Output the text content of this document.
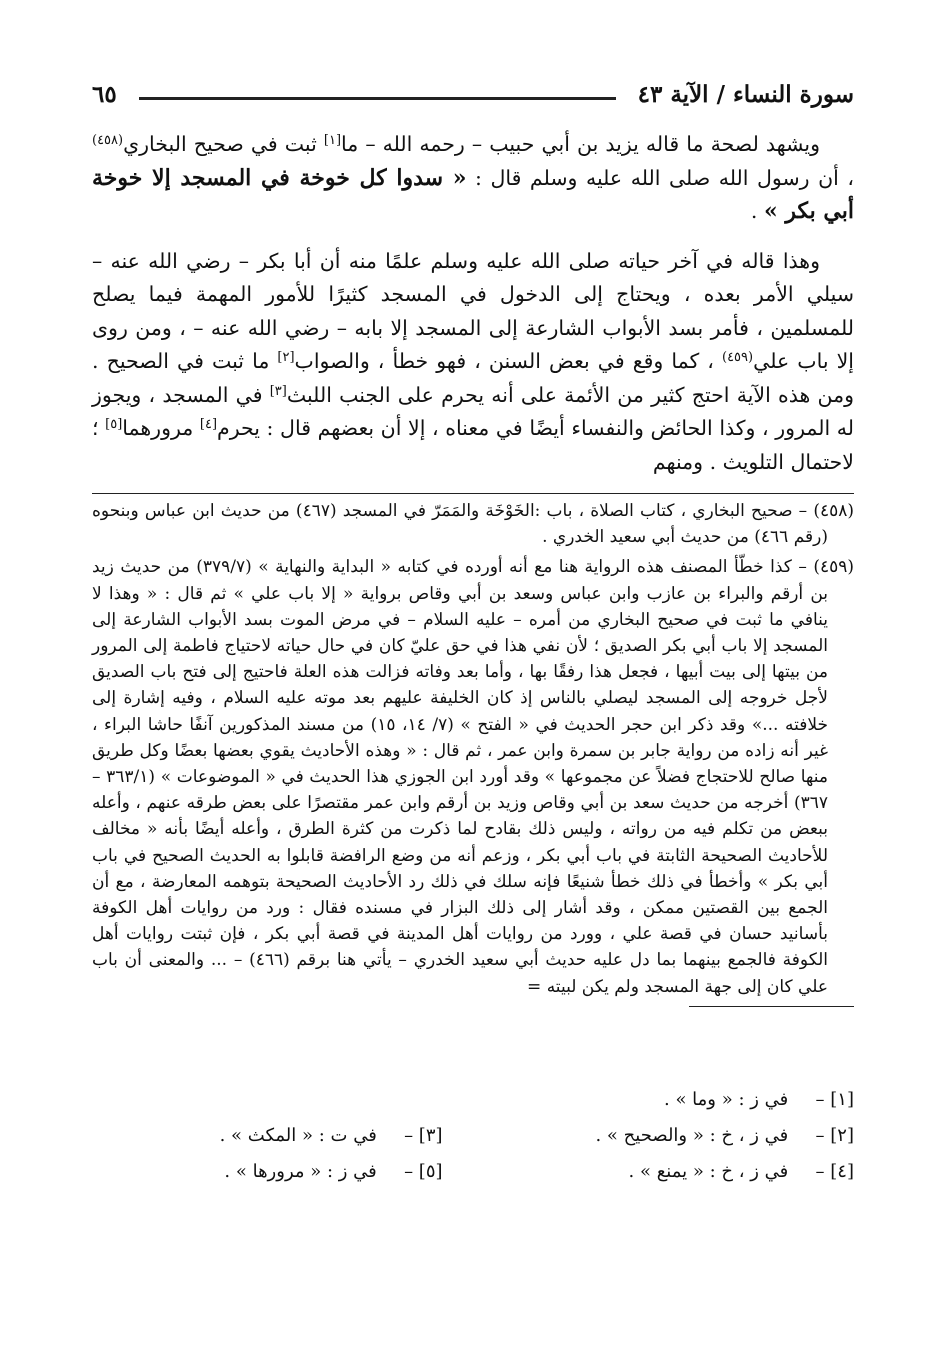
سورة النساء / الآية ٤٣
٦٥

ويشهد لصحة ما قاله يزيد بن أبي حبيب – رحمه الله – ما[١] ثبت في صحيح البخاري$^{(٤٥٨)}$ ، أن رسول الله صلى الله عليه وسلم قال : « سدوا كل خوخة في المسجد إلا خوخة أبي بكر » .

وهذا قاله في آخر حياته صلى الله عليه وسلم علمًا منه أن أبا بكر – رضي الله عنه – سيلي الأمر بعده ، ويحتاج إلى الدخول في المسجد كثيرًا للأمور المهمة فيما يصلح للمسلمين ، فأمر بسد الأبواب الشارعة إلى المسجد إلا بابه – رضي الله عنه – ، ومن روى إلا باب علي$^{(٤٥٩)}$ ، كما وقع في بعض السنن ، فهو خطأ ، والصواب[٢] ما ثبت في الصحيح . ومن هذه الآية احتج كثير من الأئمة على أنه يحرم على الجنب اللبث[٣] في المسجد ، ويجوز له المرور ، وكذا الحائض والنفساء أيضًا في معناه ، إلا أن بعضهم قال : يحرم[٤] مرورهما[٥] ؛ لاحتمال التلويث . ومنهم

(٤٥٨) – صحيح البخاري ، كتاب الصلاة ، باب :الخَوْخَة والمَمَرّ في المسجد (٤٦٧) من حديث ابن عباس وبنحوه (رقم ٤٦٦) من حديث أبي سعيد الخدري .

(٤٥٩) – كذا خطّأ المصنف هذه الرواية هنا مع أنه أورده في كتابه « البداية والنهاية » (٣٧٩/٧) من حديث زيد بن أرقم والبراء بن عازب وابن عباس وسعد بن أبي وقاص برواية « إلا باب علي » ثم قال : « وهذا لا ينافي ما ثبت في صحيح البخاري من أمره – عليه السلام – في مرض الموت بسد الأبواب الشارعة إلى المسجد إلا باب أبي بكر الصديق ؛ لأن نفي هذا في حق عليّ كان في حال حياته لاحتياج فاطمة إلى المرور من بيتها إلى بيت أبيها ، فجعل هذا رفقًا بها ، وأما بعد وفاته فزالت هذه العلة فاحتيج إلى فتح باب الصديق لأجل خروجه إلى المسجد ليصلي بالناس إذ كان الخليفة عليهم بعد موته عليه السلام ، وفيه إشارة إلى خلافته ...» وقد ذكر ابن حجر الحديث في « الفتح » (٧/ ١٤، ١٥) من مسند المذكورين آنفًا حاشا البراء ، غير أنه زاده من رواية جابر بن سمرة وابن عمر ، ثم قال : « وهذه الأحاديث يقوي بعضها بعضًا وكل طريق منها صالح للاحتجاج فضلاً عن مجموعها » وقد أورد ابن الجوزي هذا الحديث في « الموضوعات » (٣٦٣/١ – ٣٦٧) أخرجه من حديث سعد بن أبي وقاص وزيد بن أرقم وابن عمر مقتصرًا على بعض طرقه عنهم ، وأعله ببعض من تكلم فيه من رواته ، وليس ذلك بقادح لما ذكرت من كثرة الطرق ، وأعله أيضًا بأنه « مخالف للأحاديث الصحيحة الثابتة في باب أبي بكر ، وزعم أنه من وضع الرافضة قابلوا به الحديث الصحيح في باب أبي بكر » وأخطأ في ذلك خطأ شنيعًا فإنه سلك في ذلك رد الأحاديث الصحيحة بتوهمه المعارضة ، مع أن الجمع بين القصتين ممكن ، وقد أشار إلى ذلك البزار في مسنده فقال : ورد من روايات أهل الكوفة بأسانيد حسان في قصة علي ، وورد من روايات أهل المدينة في قصة أبي بكر ، فإن ثبتت روايات أهل الكوفة فالجمع بينهما بما دل عليه حديث أبي سعيد الخدري – يأتي هنا برقم (٤٦٦) – ... والمعنى أن باب علي كان إلى جهة المسجد ولم يكن لبيته =

[١] – في ز : « وما » .
[٢] – في ز ، خ : « والصحيح » .
[٣] – في ت : « المكث » .
[٤] – في ز ، خ : « يمنع » .
[٥] – في ز : « مرورها » .
